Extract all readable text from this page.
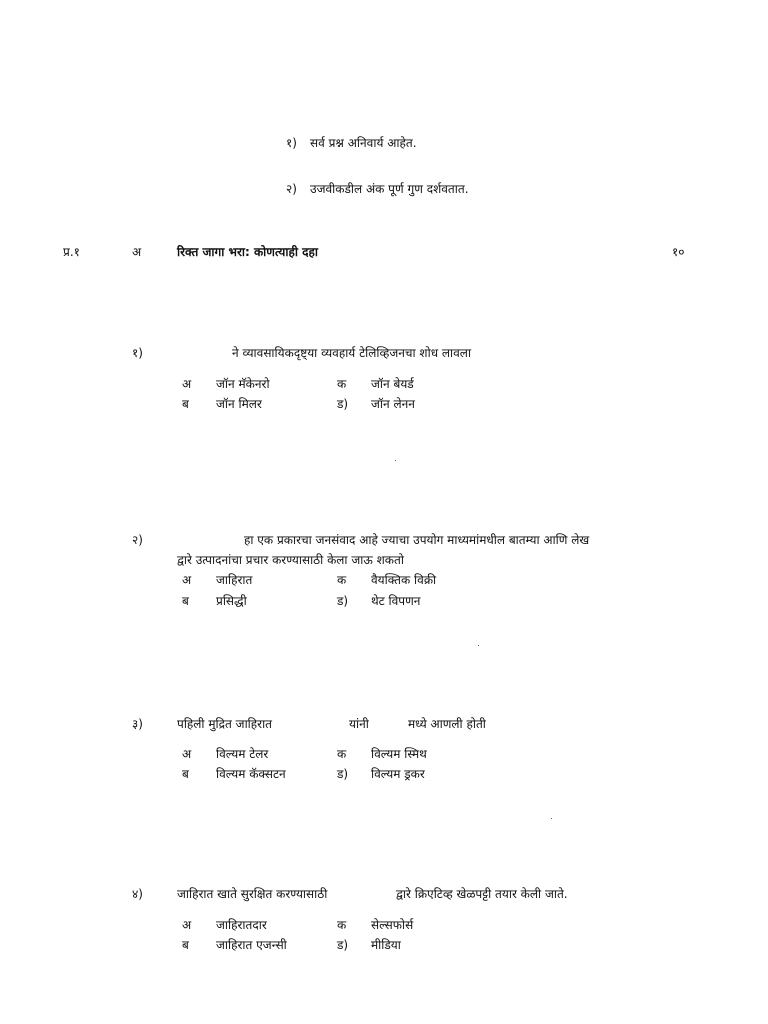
१) सर्व प्रश्न अनिवार्य आहेत.
२) उजवीकडील अंक पूर्ण गुण दर्शवतात.
प्र.१	अ	रिक्त जागा भरा: कोणत्याही दहा	१०
१)	ने व्यावसायिकदृष्ट्या व्यवहार्य टेलिव्हिजनचा शोध लावला
अ जॉन मॅकेनरो	क जॉन बेयर्ड
ब जॉन मिलर	ड) जॉन लेनन
२)	हा एक प्रकारचा जनसंवाद आहे ज्याचा उपयोग माध्यमांमधील बातम्या आणि लेख
द्वारे उत्पादनांचा प्रचार करण्यासाठी केला जाऊ शकतो
अ जाहिरात	क वैयक्तिक विक्री
ब प्रसिद्धी	ड) थेट विपणन
३)	पहिली मुद्रित जाहिरात	यांनी	मध्ये आणली होती
अ विल्यम टेलर	क विल्यम स्मिथ
ब विल्यम कॅक्सटन	ड) विल्यम ड्रकर
४)	जाहिरात खाते सुरक्षित करण्यासाठी	द्वारे क्रिएटिव्ह खेळपट्टी तयार केली जाते.
अ जाहिरातदार	क सेल्सफोर्स
ब जाहिरात एजन्सी	ड) मीडिया
